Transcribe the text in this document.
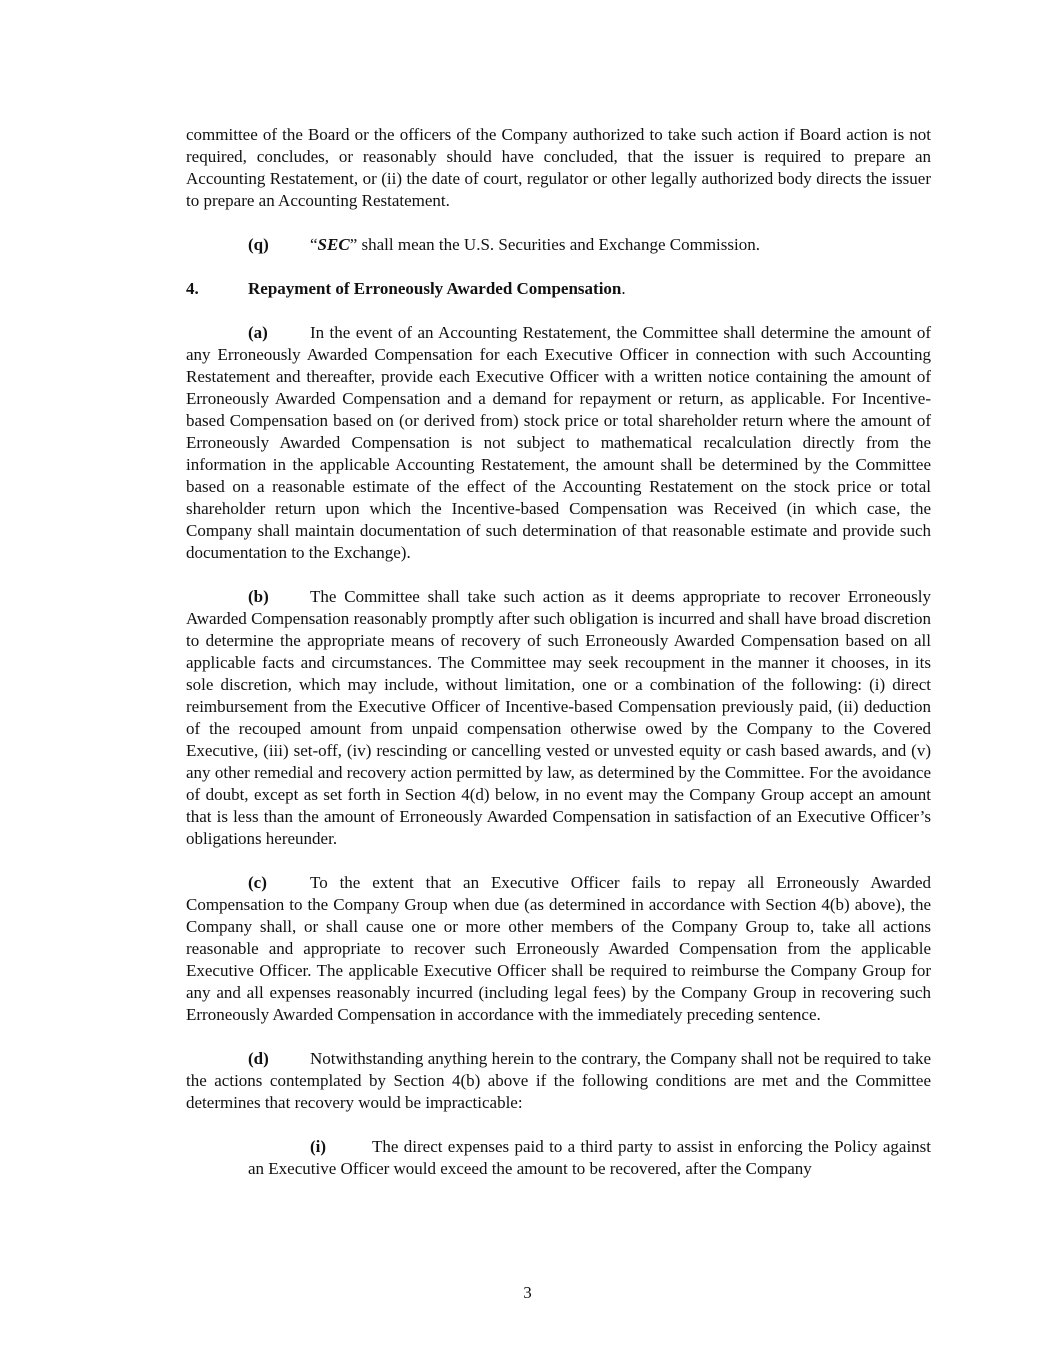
committee of the Board or the officers of the Company authorized to take such action if Board action is not required, concludes, or reasonably should have concluded, that the issuer is required to prepare an Accounting Restatement, or (ii) the date of court, regulator or other legally authorized body directs the issuer to prepare an Accounting Restatement.

(q) “SEC” shall mean the U.S. Securities and Exchange Commission.

4.	Repayment of Erroneously Awarded Compensation.

(a) In the event of an Accounting Restatement, the Committee shall determine the amount of any Erroneously Awarded Compensation for each Executive Officer in connection with such Accounting Restatement and thereafter, provide each Executive Officer with a written notice containing the amount of Erroneously Awarded Compensation and a demand for repayment or return, as applicable. For Incentive-based Compensation based on (or derived from) stock price or total shareholder return where the amount of Erroneously Awarded Compensation is not subject to mathematical recalculation directly from the information in the applicable Accounting Restatement, the amount shall be determined by the Committee based on a reasonable estimate of the effect of the Accounting Restatement on the stock price or total shareholder return upon which the Incentive-based Compensation was Received (in which case, the Company shall maintain documentation of such determination of that reasonable estimate and provide such documentation to the Exchange).

(b) The Committee shall take such action as it deems appropriate to recover Erroneously Awarded Compensation reasonably promptly after such obligation is incurred and shall have broad discretion to determine the appropriate means of recovery of such Erroneously Awarded Compensation based on all applicable facts and circumstances. The Committee may seek recoupment in the manner it chooses, in its sole discretion, which may include, without limitation, one or a combination of the following: (i) direct reimbursement from the Executive Officer of Incentive-based Compensation previously paid, (ii) deduction of the recouped amount from unpaid compensation otherwise owed by the Company to the Covered Executive, (iii) set-off, (iv) rescinding or cancelling vested or unvested equity or cash based awards, and (v) any other remedial and recovery action permitted by law, as determined by the Committee. For the avoidance of doubt, except as set forth in Section 4(d) below, in no event may the Company Group accept an amount that is less than the amount of Erroneously Awarded Compensation in satisfaction of an Executive Officer’s obligations hereunder.

(c)	To the extent that an Executive Officer fails to repay all Erroneously Awarded Compensation to the Company Group when due (as determined in accordance with Section 4(b) above), the Company shall, or shall cause one or more other members of the Company Group to, take all actions reasonable and appropriate to recover such Erroneously Awarded Compensation from the applicable Executive Officer. The applicable Executive Officer shall be required to reimburse the Company Group for any and all expenses reasonably incurred (including legal fees) by the Company Group in recovering such Erroneously Awarded Compensation in accordance with the immediately preceding sentence.

(d) Notwithstanding anything herein to the contrary, the Company shall not be required to take the actions contemplated by Section 4(b) above if the following conditions are met and the Committee determines that recovery would be impracticable:

(i)	The direct expenses paid to a third party to assist in enforcing the Policy against an Executive Officer would exceed the amount to be recovered, after the Company

3
